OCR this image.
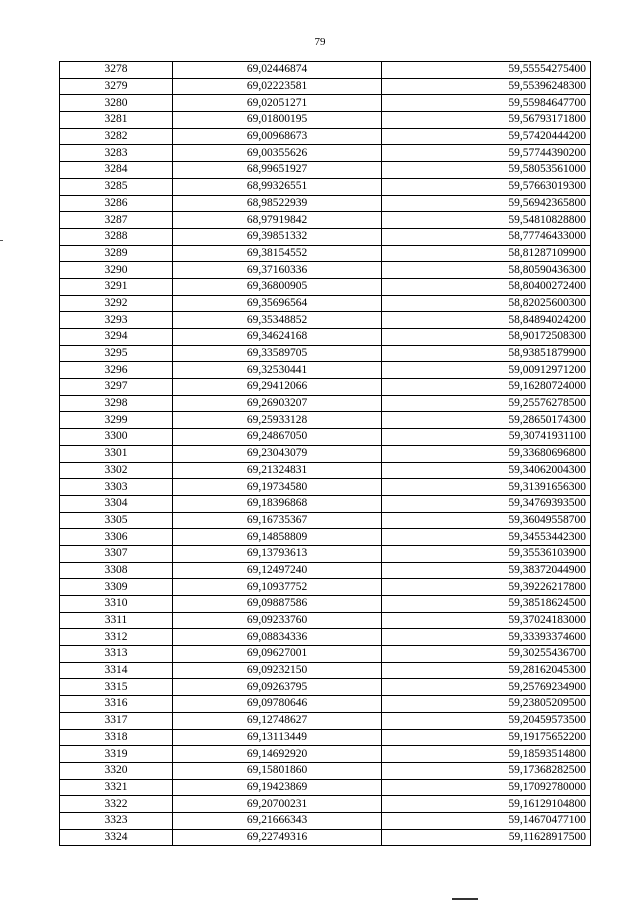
79
3278	69,02446874	59,55554275400
3279	69,02223581	59,55396248300
3280	69,02051271	59,55984647700
3281	69,01800195	59,56793171800
3282	69,00968673	59,57420444200
3283	69,00355626	59,57744390200
3284	68,99651927	59,58053561000
3285	68,99326551	59,57663019300
3286	68,98522939	59,56942365800
3287	68,97919842	59,54810828800
3288	69,39851332	58,77746433000
3289	69,38154552	58,81287109900
3290	69,37160336	58,80590436300
3291	69,36800905	58,80400272400
3292	69,35696564	58,82025600300
3293	69,35348852	58,84894024200
3294	69,34624168	58,90172508300
3295	69,33589705	58,93851879900
3296	69,32530441	59,00912971200
3297	69,29412066	59,16280724000
3298	69,26903207	59,25576278500
3299	69,25933128	59,28650174300
3300	69,24867050	59,30741931100
3301	69,23043079	59,33680696800
3302	69,21324831	59,34062004300
3303	69,19734580	59,31391656300
3304	69,18396868	59,34769393500
3305	69,16735367	59,36049558700
3306	69,14858809	59,34553442300
3307	69,13793613	59,35536103900
3308	69,12497240	59,38372044900
3309	69,10937752	59,39226217800
3310	69,09887586	59,38518624500
3311	69,09233760	59,37024183000
3312	69,08834336	59,33393374600
3313	69,09627001	59,30255436700
3314	69,09232150	59,28162045300
3315	69,09263795	59,25769234900
3316	69,09780646	59,23805209500
3317	69,12748627	59,20459573500
3318	69,13113449	59,19175652200
3319	69,14692920	59,18593514800
3320	69,15801860	59,17368282500
3321	69,19423869	59,17092780000
3322	69,20700231	59,16129104800
3323	69,21666343	59,14670477100
3324	69,22749316	59,11628917500
